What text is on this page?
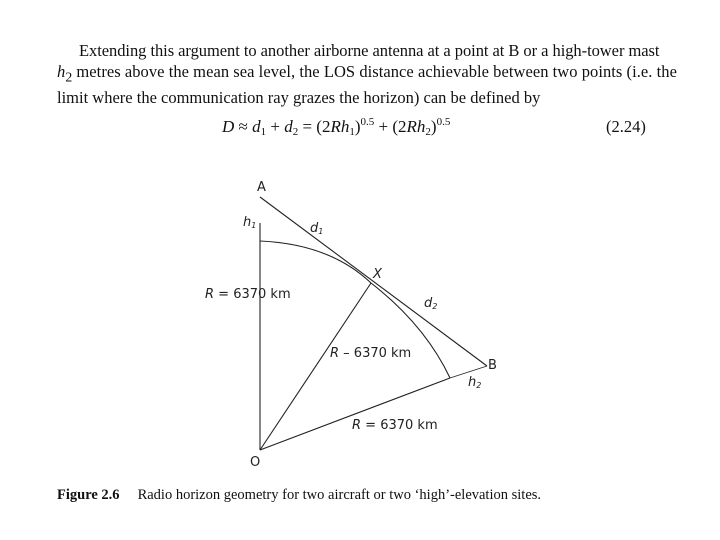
Extending this argument to another airborne antenna at a point at B or a high-tower mast
$h_2$ metres above the mean sea level, the LOS distance achievable between two points (i.e. the
limit where the communication ray grazes the horizon) can be defined by
$D \approx d_1 + d_2 = (2Rh_1)^{0.5} + (2Rh_2)^{0.5}$	(2.24)
A
B
O
X
h1	d1
d2
h2
R = 6370 km
R – 6370 km
R = 6370 km
Figure 2.6 Radio horizon geometry for two aircraft or two ‘high’-elevation sites.
